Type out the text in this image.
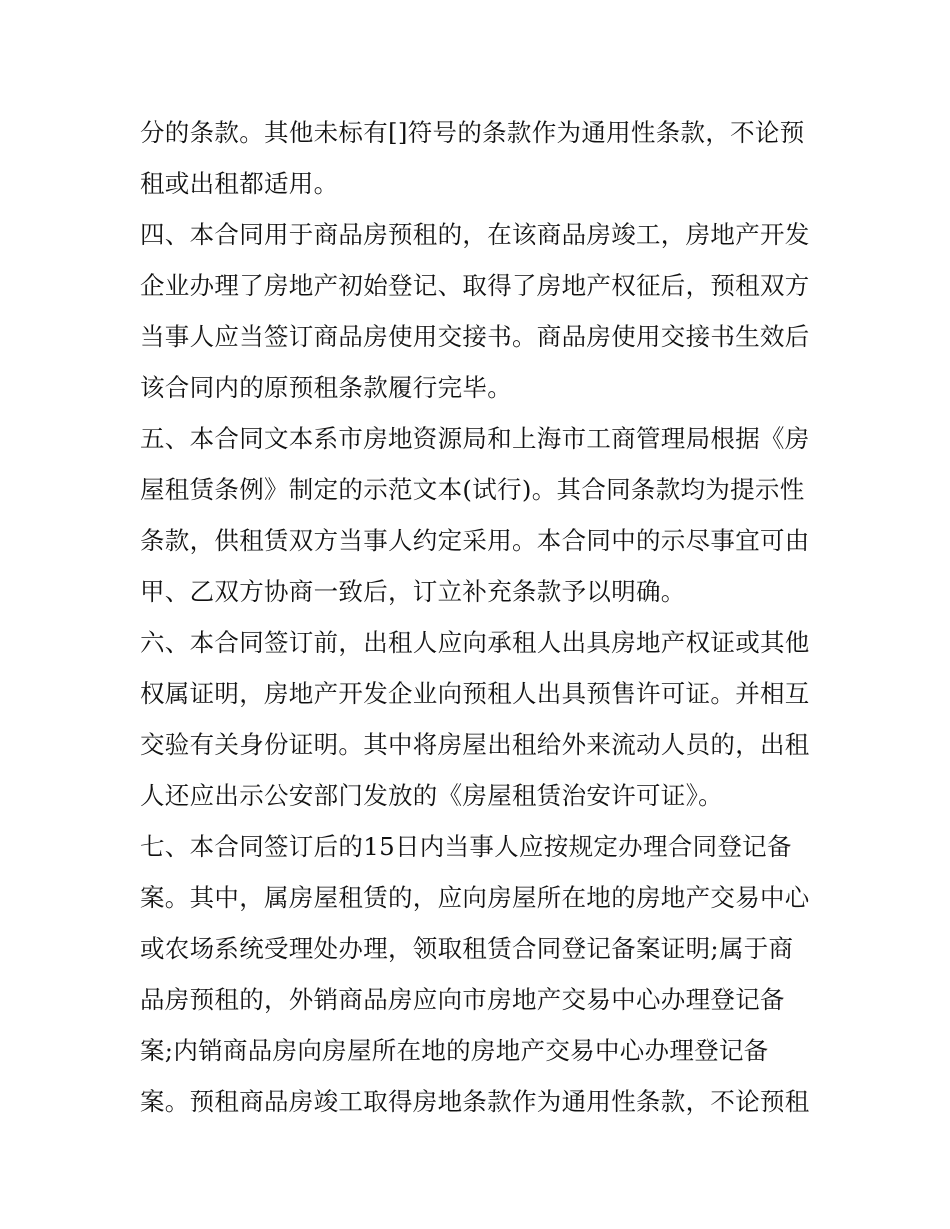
分的条款。其他未标有[]符号的条款作为通用性条款，不论预
租或出租都适用。
四、本合同用于商品房预租的，在该商品房竣工，房地产开发
企业办理了房地产初始登记、取得了房地产权征后，预租双方
当事人应当签订商品房使用交接书。商品房使用交接书生效后
该合同内的原预租条款履行完毕。
五、本合同文本系市房地资源局和上海市工商管理局根据《房
屋租赁条例》制定的示范文本(试行)。其合同条款均为提示性
条款，供租赁双方当事人约定采用。本合同中的示尽事宜可由
甲、乙双方协商一致后，订立补充条款予以明确。
六、本合同签订前，出租人应向承租人出具房地产权证或其他
权属证明，房地产开发企业向预租人出具预售许可证。并相互
交验有关身份证明。其中将房屋出租给外来流动人员的，出租
人还应出示公安部门发放的《房屋租赁治安许可证》。
七、本合同签订后的15日内当事人应按规定办理合同登记备
案。其中，属房屋租赁的，应向房屋所在地的房地产交易中心
或农场系统受理处办理，领取租赁合同登记备案证明;属于商
品房预租的，外销商品房应向市房地产交易中心办理登记备
案;内销商品房向房屋所在地的房地产交易中心办理登记备
案。预租商品房竣工取得房地条款作为通用性条款，不论预租
